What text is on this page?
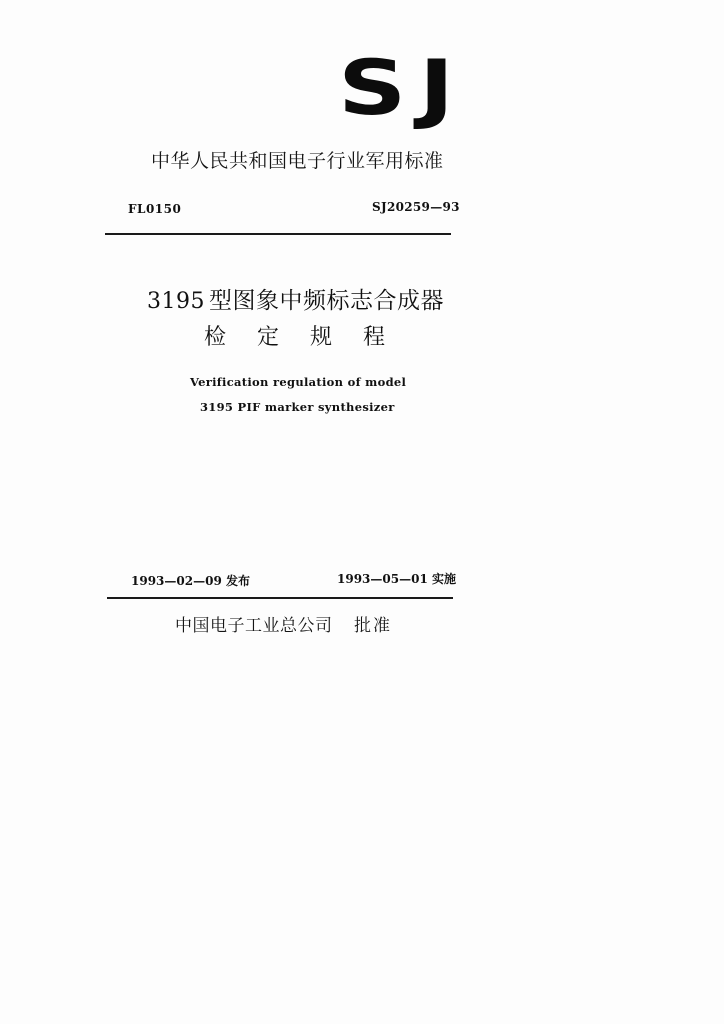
SJ
中华人民共和国电子行业军用标准
FL0150	SJ20259—93
3195 型图象中频标志合成器
检 定 规 程
Verification regulation of model
3195 PIF marker synthesizer
1993—02—09 发布	1993—05—01 实施
中国电子工业总公司 批准
